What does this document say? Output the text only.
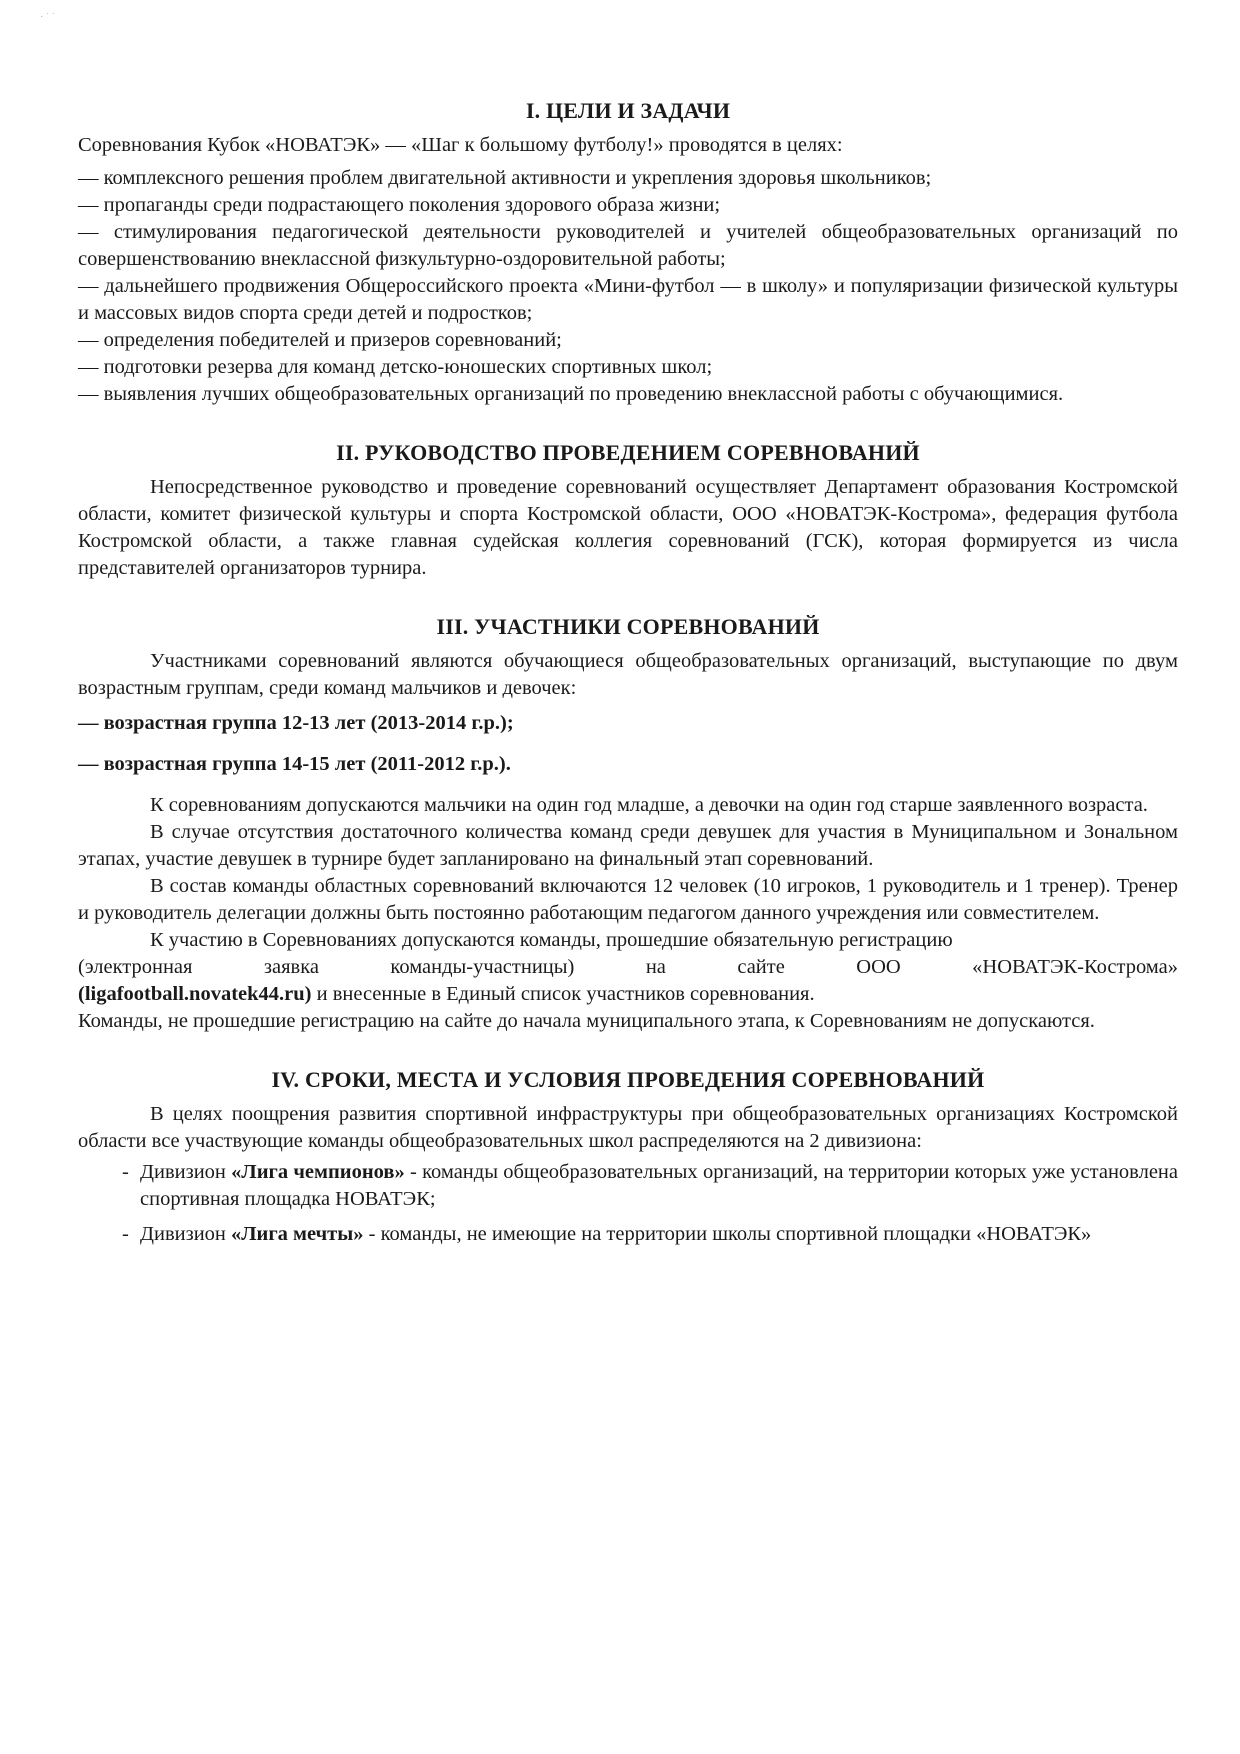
· ˙ ˙
I. ЦЕЛИ И ЗАДАЧИ

Соревнования Кубок «НОВАТЭК» — «Шаг к большому футболу!» проводятся в целях:

— комплексного решения проблем двигательной активности и укрепления здоровья школьников;

— пропаганды среди подрастающего поколения здорового образа жизни;

— стимулирования педагогической деятельности руководителей и учителей общеобразовательных организаций по совершенствованию внеклассной физкультурно-оздоровительной работы;

— дальнейшего продвижения Общероссийского проекта «Мини-футбол — в школу» и популяризации физической культуры и массовых видов спорта среди детей и подростков;

— определения победителей и призеров соревнований;

— подготовки резерва для команд детско-юношеских спортивных школ;

— выявления лучших общеобразовательных организаций по проведению внеклассной работы с обучающимися.

II. РУКОВОДСТВО ПРОВЕДЕНИЕМ СОРЕВНОВАНИЙ

Непосредственное руководство и проведение соревнований осуществляет Департамент образования Костромской области, комитет физической культуры и спорта Костромской области, ООО «НОВАТЭК-Кострома», федерация футбола Костромской области, а также главная судейская коллегия соревнований (ГСК), которая формируется из числа представителей организаторов турнира.

III. УЧАСТНИКИ СОРЕВНОВАНИЙ

Участниками соревнований являются обучающиеся общеобразовательных организаций, выступающие по двум возрастным группам, среди команд мальчиков и девочек:

— возрастная группа 12-13 лет (2013-2014 г.р.);

— возрастная группа 14-15 лет (2011-2012 г.р.).

К соревнованиям допускаются мальчики на один год младше, а девочки на один год старше заявленного возраста.

В случае отсутствия достаточного количества команд среди девушек для участия в Муниципальном и Зональном этапах, участие девушек в турнире будет запланировано на финальный этап соревнований.

В состав команды областных соревнований включаются 12 человек (10 игроков, 1 руководитель и 1 тренер). Тренер и руководитель делегации должны быть постоянно работающим педагогом данного учреждения или совместителем.

К участию в Соревнованиях допускаются команды, прошедшие обязательную регистрацию

(электронная	заявка	команды-участницы)	на	сайте	ООО	«НОВАТЭК-Кострома»

(ligafootball.novatek44.ru) и внесенные в Единый список участников соревнования.

Команды, не прошедшие регистрацию на сайте до начала муниципального этапа, к Соревнованиям не допускаются.

IV. СРОКИ, МЕСТА И УСЛОВИЯ ПРОВЕДЕНИЯ СОРЕВНОВАНИЙ

В целях поощрения развития спортивной инфраструктуры при общеобразовательных организациях Костромской области все участвующие команды общеобразовательных школ распределяются на 2 дивизиона:

- Дивизион «Лига чемпионов» - команды общеобразовательных организаций, на территории которых уже установлена спортивная площадка НОВАТЭК;
- Дивизион «Лига мечты» - команды, не имеющие на территории школы спортивной площадки «НОВАТЭК»
